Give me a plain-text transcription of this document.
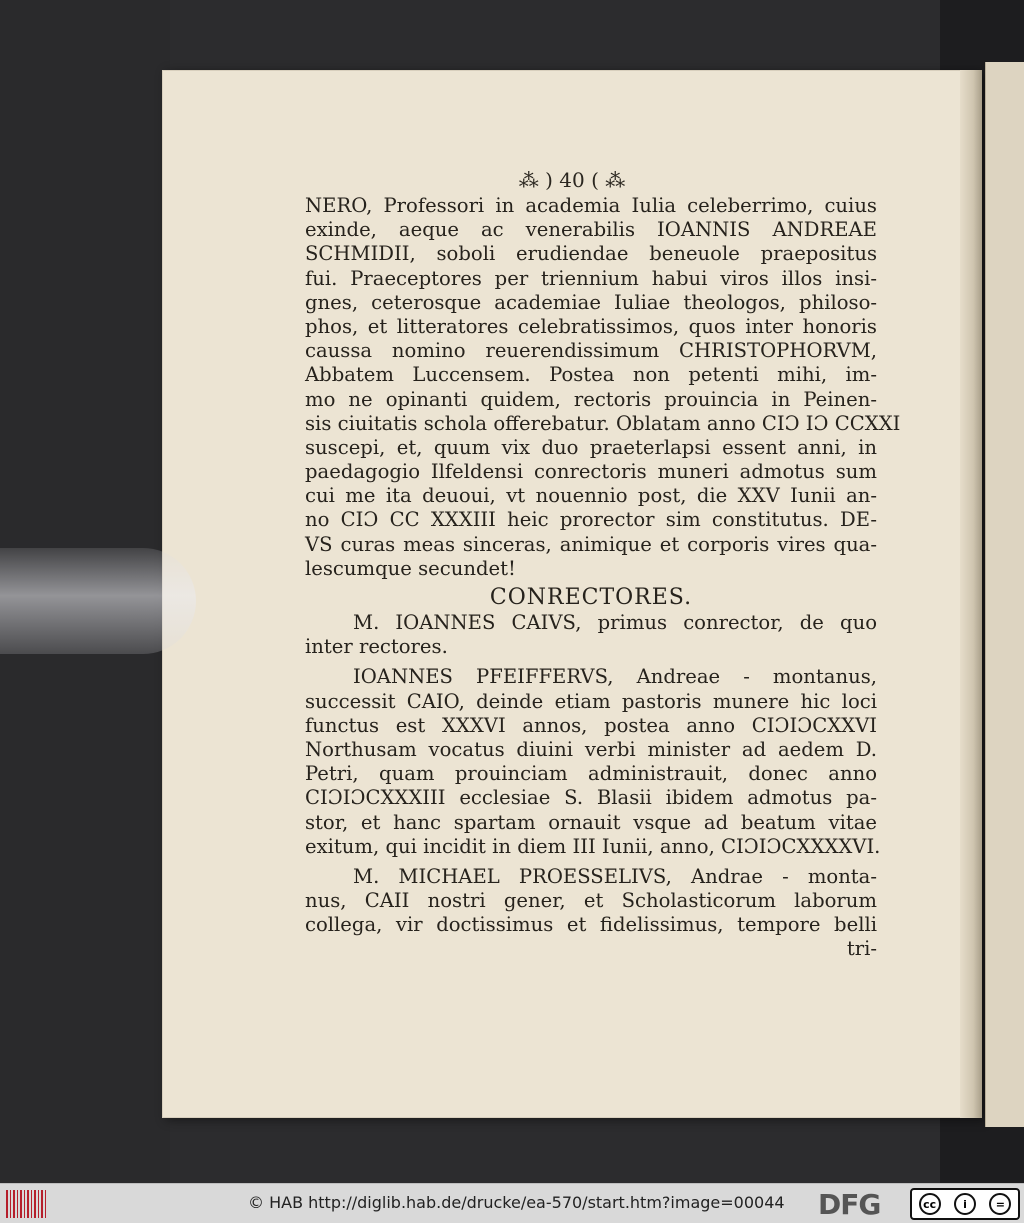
⁂ ) 40 ( ⁂
NERO, Professori in academia Iulia celeberrimo, cuius
exinde, aeque ac venerabilis IOANNIS ANDREAE
SCHMIDII, soboli erudiendae beneuole praepositus
fui. Praeceptores per triennium habui viros illos insi-
gnes, ceterosque academiae Iuliae theologos, philoso-
phos, et litteratores celebratissimos, quos inter honoris
caussa nomino reuerendissimum CHRISTOPHORVM,
Abbatem Luccensem. Postea non petenti mihi, im-
mo ne opinanti quidem, rectoris prouincia in Peinen-
sis ciuitatis schola offerebatur. Oblatam anno CIƆ IƆ CCXXI
suscepi, et, quum vix duo praeterlapsi essent anni, in
paedagogio Ilfeldensi conrectoris muneri admotus sum
cui me ita deuoui, vt nouennio post, die XXV Iunii an-
no CIƆ CC XXXIII heic prorector sim constitutus. DE-
VS curas meas sinceras, animique et corporis vires qua-
lescumque secundet!
CONRECTORES.
M. IOANNES CAIVS, primus conrector, de quo
inter rectores.
IOANNES PFEIFFERVS, Andreae - montanus,
successit CAIO, deinde etiam pastoris munere hic loci
functus est XXXVI annos, postea anno CIƆIƆCXXVI
Northusam vocatus diuini verbi minister ad aedem D.
Petri, quam prouinciam administrauit, donec anno
CIƆIƆCXXXIII ecclesiae S. Blasii ibidem admotus pa-
stor, et hanc spartam ornauit vsque ad beatum vitae
exitum, qui incidit in diem III Iunii, anno, CIƆIƆCXXXXVI.
M. MICHAEL PROESSELIVS, Andrae - monta-
nus, CAII nostri gener, et Scholasticorum laborum
collega, vir doctissimus et fidelissimus, tempore belli
tri-
© HAB http://diglib.hab.de/drucke/ea-570/start.htm?image=00044 DFG	cc	i	=
